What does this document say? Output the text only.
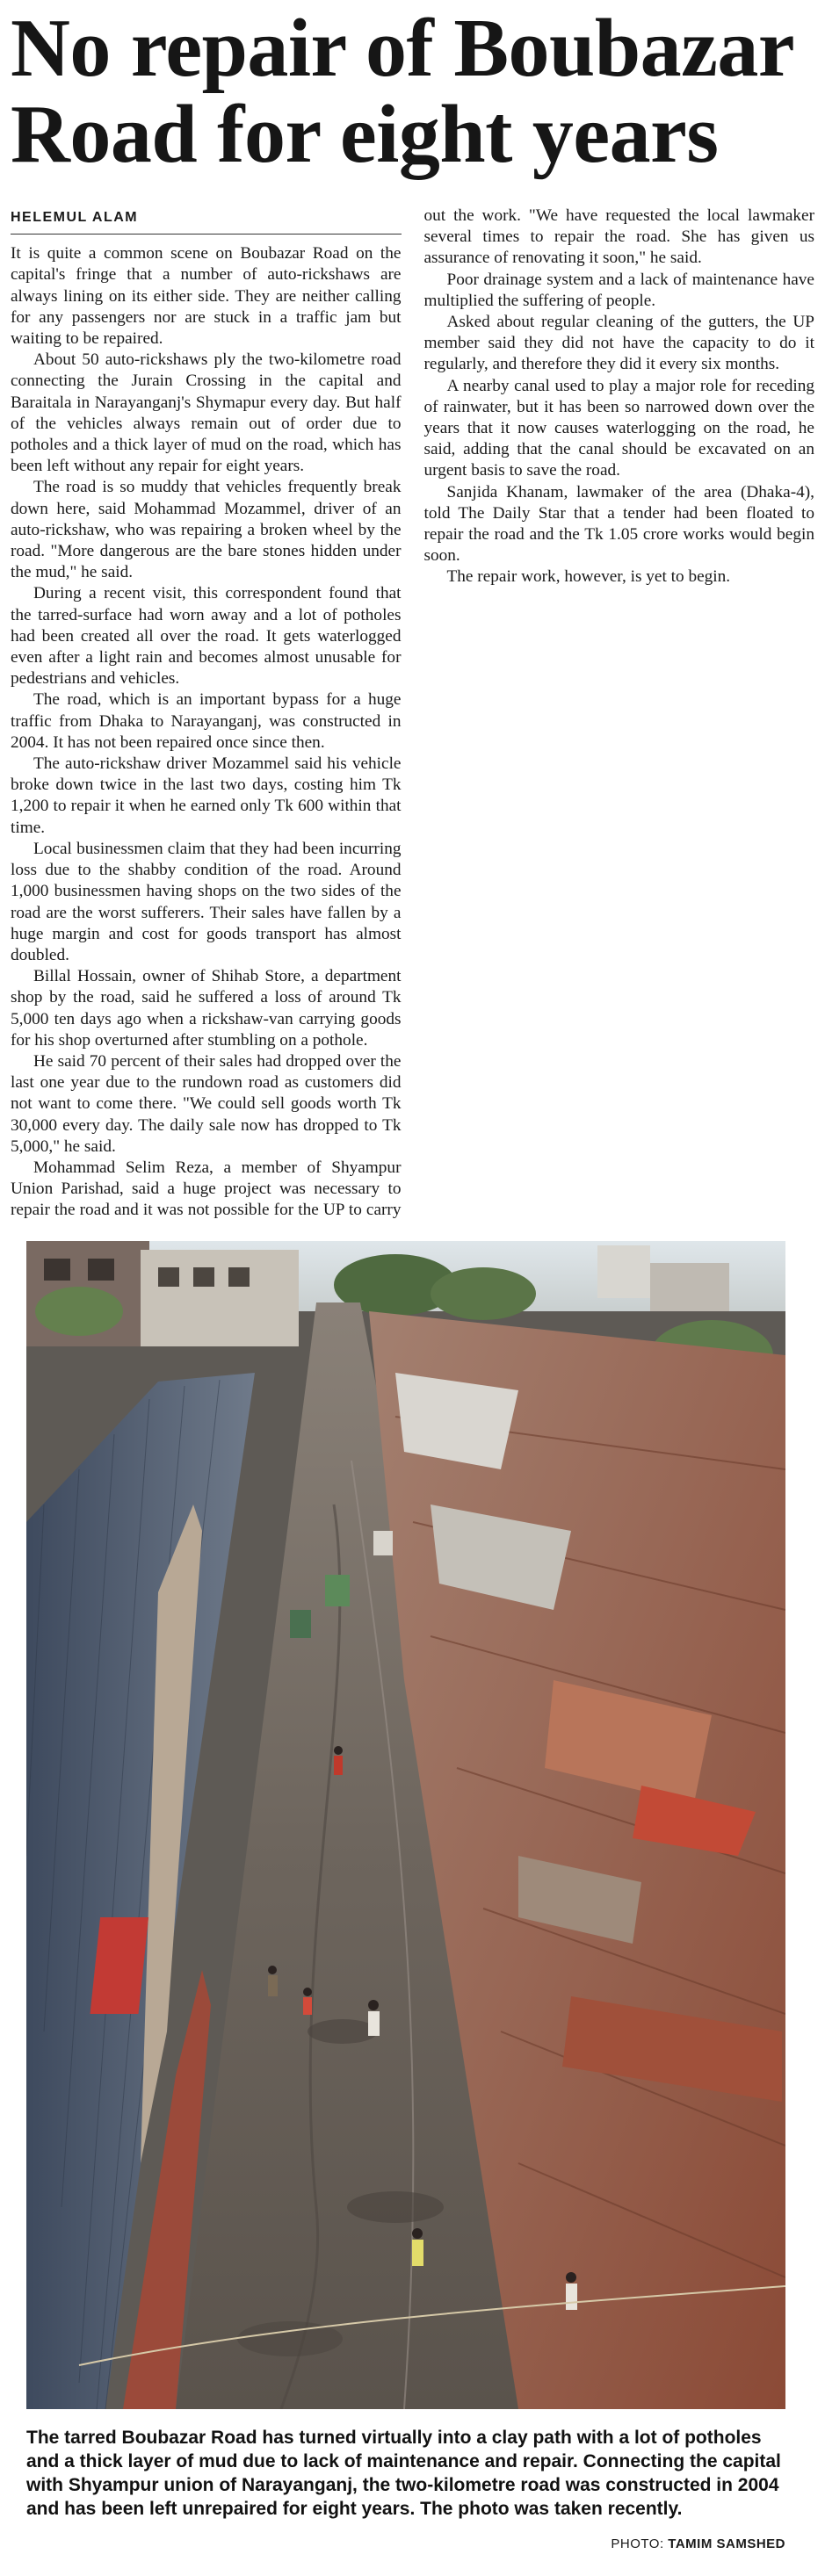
No repair of Boubazar Road for eight years
HELEMUL ALAM

It is quite a common scene on Boubazar Road on the capital's fringe that a number of auto-rickshaws are always lining on its either side. They are neither calling for any passengers nor are stuck in a traffic jam but waiting to be repaired.

About 50 auto-rickshaws ply the two-kilometre road connecting the Jurain Crossing in the capital and Baraitala in Narayanganj's Shymapur every day. But half of the vehicles always remain out of order due to potholes and a thick layer of mud on the road, which has been left without any repair for eight years.

The road is so muddy that vehicles frequently break down here, said Mohammad Mozammel, driver of an auto-rickshaw, who was repairing a broken wheel by the road. "More dangerous are the bare stones hidden under the mud," he said.

During a recent visit, this correspondent found that the tarred-surface had worn away and a lot of potholes had been created all over the road. It gets waterlogged even after a light rain and becomes almost unusable for pedestrians and vehicles.

The road, which is an important bypass for a huge traffic from Dhaka to Narayanganj, was constructed in 2004. It has not been repaired once since then.

The auto-rickshaw driver Mozammel said his vehicle broke down twice in the last two days, costing him Tk 1,200 to repair it when he earned only Tk 600 within that time.

Local businessmen claim that they had been incurring loss due to the shabby condition of the road. Around 1,000 businessmen having shops on the two sides of the road are the worst sufferers. Their sales have fallen by a huge margin and cost for goods transport has almost doubled.

Billal Hossain, owner of Shihab Store, a department shop by the road, said he suffered a loss of around Tk 5,000 ten days ago when a rickshaw-van carrying goods for his shop overturned after stumbling on a pothole.

He said 70 percent of their sales had dropped over the last one year due to the rundown road as customers did not want to come there. "We could sell goods worth Tk 30,000 every day. The daily sale now has dropped to Tk 5,000," he said.

Mohammad Selim Reza, a member of Shyampur Union Parishad, said a huge project was necessary to repair the road and it was not possible for the UP to carry out the work. "We have requested the local lawmaker several times to repair the road. She has given us assurance of renovating it soon," he said.

Poor drainage system and a lack of maintenance have multiplied the suffering of people.

Asked about regular cleaning of the gutters, the UP member said they did not have the capacity to do it regularly, and therefore they did it every six months.

A nearby canal used to play a major role for receding of rainwater, but it has been so narrowed down over the years that it now causes waterlogging on the road, he said, adding that the canal should be excavated on an urgent basis to save the road.

Sanjida Khanam, lawmaker of the area (Dhaka-4), told The Daily Star that a tender had been floated to repair the road and the Tk 1.05 crore works would begin soon.

The repair work, however, is yet to begin.

The tarred Boubazar Road has turned virtually into a clay path with a lot of potholes and a thick layer of mud due to lack of maintenance and repair. Connecting the capital with Shyampur union of Narayanganj, the two-kilometre road was constructed in 2004 and has been left unrepaired for eight years. The photo was taken recently.
PHOTO: TAMIM SAMSHED
